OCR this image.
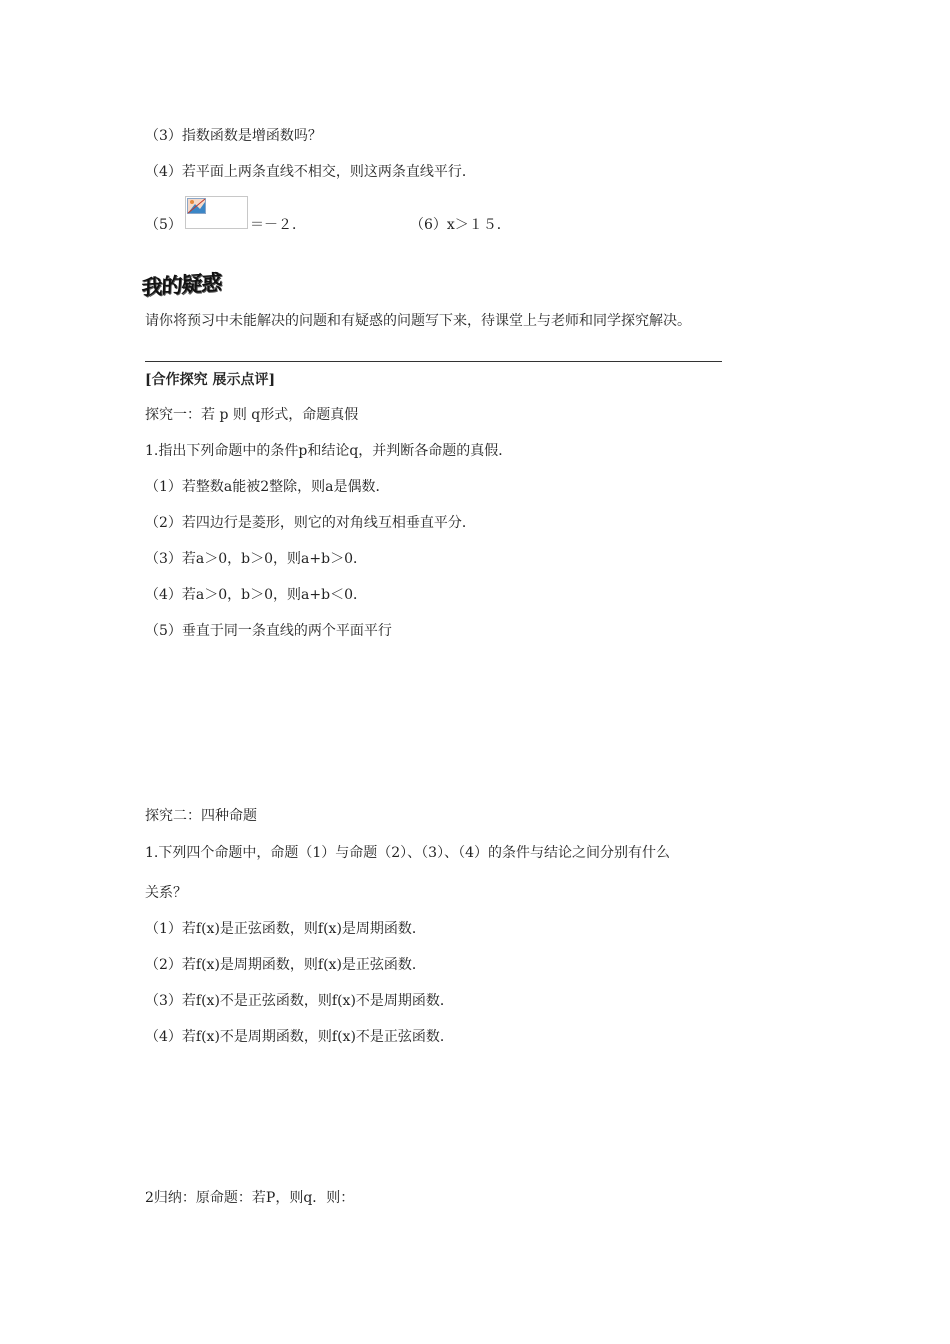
（3）指数函数是增函数吗？
（4）若平面上两条直线不相交，则这两条直线平行．
（5）	＝－２．	（6）x＞１５．
我的疑惑
请你将预习中未能解决的问题和有疑惑的问题写下来，待课堂上与老师和同学探究解决。
[合作探究 展示点评]
探究一：若 p 则 q形式，命题真假
1.指出下列命题中的条件p和结论q，并判断各命题的真假．
（1）若整数a能被2整除，则a是偶数．
（2）若四边行是菱形，则它的对角线互相垂直平分．
（3）若a＞0，b＞0，则a+b＞0．
（4）若a＞0，b＞0，则a+b＜0．
（5）垂直于同一条直线的两个平面平行
探究二：四种命题
1.下列四个命题中，命题（1）与命题（2）、（3）、（4）的条件与结论之间分别有什么
关系？
（1）若f(x)是正弦函数，则f(x)是周期函数．
（2）若f(x)是周期函数，则f(x)是正弦函数．
（3）若f(x)不是正弦函数，则f(x)不是周期函数．
（4）若f(x)不是周期函数，则f(x)不是正弦函数．
2归纳：原命题：若P，则q．则：
